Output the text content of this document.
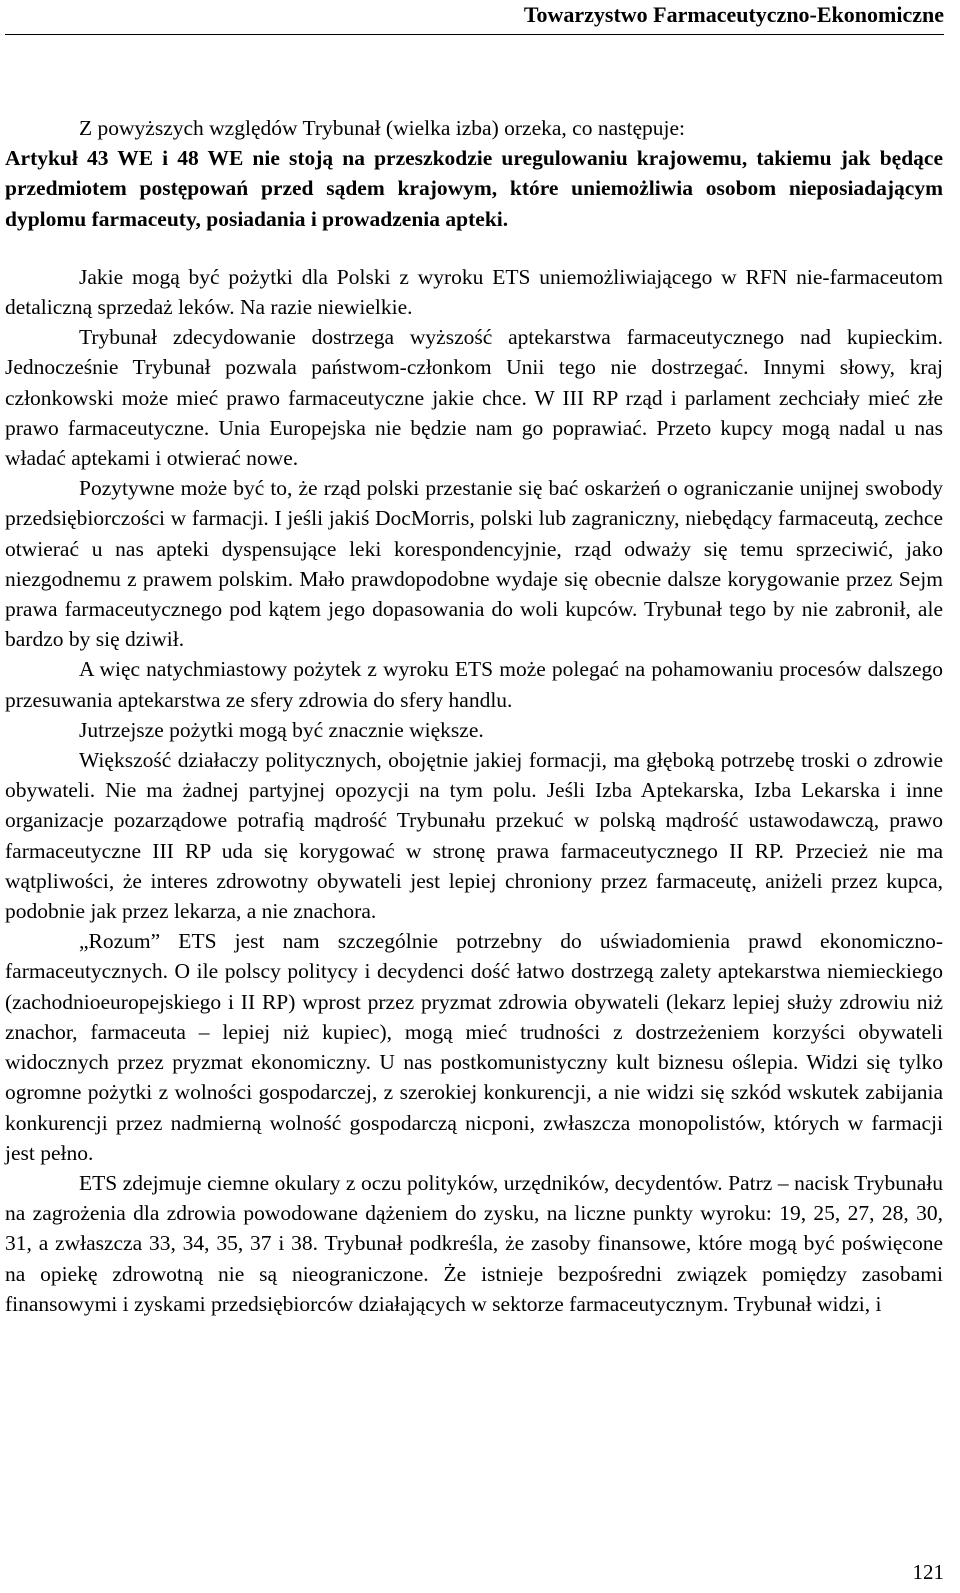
Towarzystwo Farmaceutyczno-Ekonomiczne

Z powyższych względów Trybunał (wielka izba) orzeka, co następuje:

Artykuł 43 WE i 48 WE nie stoją na przeszkodzie uregulowaniu krajowemu, takiemu jak będące przedmiotem postępowań przed sądem krajowym, które uniemożliwia osobom nieposiadającym dyplomu farmaceuty, posiadania i prowadzenia apteki.

Jakie mogą być pożytki dla Polski z wyroku ETS uniemożliwiającego w RFN nie-farmaceutom detaliczną sprzedaż leków. Na razie niewielkie.

Trybunał zdecydowanie dostrzega wyższość aptekarstwa farmaceutycznego nad kupieckim. Jednocześnie Trybunał pozwala państwom-członkom Unii tego nie dostrzegać. Innymi słowy, kraj członkowski może mieć prawo farmaceutyczne jakie chce. W III RP rząd i parlament zechciały mieć złe prawo farmaceutyczne. Unia Europejska nie będzie nam go poprawiać. Przeto kupcy mogą nadal u nas władać aptekami i otwierać nowe.

Pozytywne może być to, że rząd polski przestanie się bać oskarżeń o ograniczanie unijnej swobody przedsiębiorczości w farmacji. I jeśli jakiś DocMorris, polski lub zagraniczny, niebędący farmaceutą, zechce otwierać u nas apteki dyspensujące leki korespondencyjnie, rząd odważy się temu sprzeciwić, jako niezgodnemu z prawem polskim. Mało prawdopodobne wydaje się obecnie dalsze korygowanie przez Sejm prawa farmaceutycznego pod kątem jego dopasowania do woli kupców. Trybunał tego by nie zabronił, ale bardzo by się dziwił.

A więc natychmiastowy pożytek z wyroku ETS może polegać na pohamowaniu procesów dalszego przesuwania aptekarstwa ze sfery zdrowia do sfery handlu.

Jutrzejsze pożytki mogą być znacznie większe.

Większość działaczy politycznych, obojętnie jakiej formacji, ma głęboką potrzebę troski o zdrowie obywateli. Nie ma żadnej partyjnej opozycji na tym polu. Jeśli Izba Aptekarska, Izba Lekarska i inne organizacje pozarządowe potrafią mądrość Trybunału przekuć w polską mądrość ustawodawczą, prawo farmaceutyczne III RP uda się korygować w stronę prawa farmaceutycznego II RP. Przecież nie ma wątpliwości, że interes zdrowotny obywateli jest lepiej chroniony przez farmaceutę, aniżeli przez kupca, podobnie jak przez lekarza, a nie znachora.

„Rozum” ETS jest nam szczególnie potrzebny do uświadomienia prawd ekonomiczno-farmaceutycznych. O ile polscy politycy i decydenci dość łatwo dostrzegą zalety aptekarstwa niemieckiego (zachodnioeuropejskiego i II RP) wprost przez pryzmat zdrowia obywateli (lekarz lepiej służy zdrowiu niż znachor, farmaceuta – lepiej niż kupiec), mogą mieć trudności z dostrzeżeniem korzyści obywateli widocznych przez pryzmat ekonomiczny. U nas postkomunistyczny kult biznesu oślepia. Widzi się tylko ogromne pożytki z wolności gospodarczej, z szerokiej konkurencji, a nie widzi się szkód wskutek zabijania konkurencji przez nadmierną wolność gospodarczą nicponi, zwłaszcza monopolistów, których w farmacji jest pełno.

ETS zdejmuje ciemne okulary z oczu polityków, urzędników, decydentów. Patrz – nacisk Trybunału na zagrożenia dla zdrowia powodowane dążeniem do zysku, na liczne punkty wyroku: 19, 25, 27, 28, 30, 31, a zwłaszcza 33, 34, 35, 37 i 38. Trybunał podkreśla, że zasoby finansowe, które mogą być poświęcone na opiekę zdrowotną nie są nieograniczone. Że istnieje bezpośredni związek pomiędzy zasobami finansowymi i zyskami przedsiębiorców działających w sektorze farmaceutycznym. Trybunał widzi, i

121
